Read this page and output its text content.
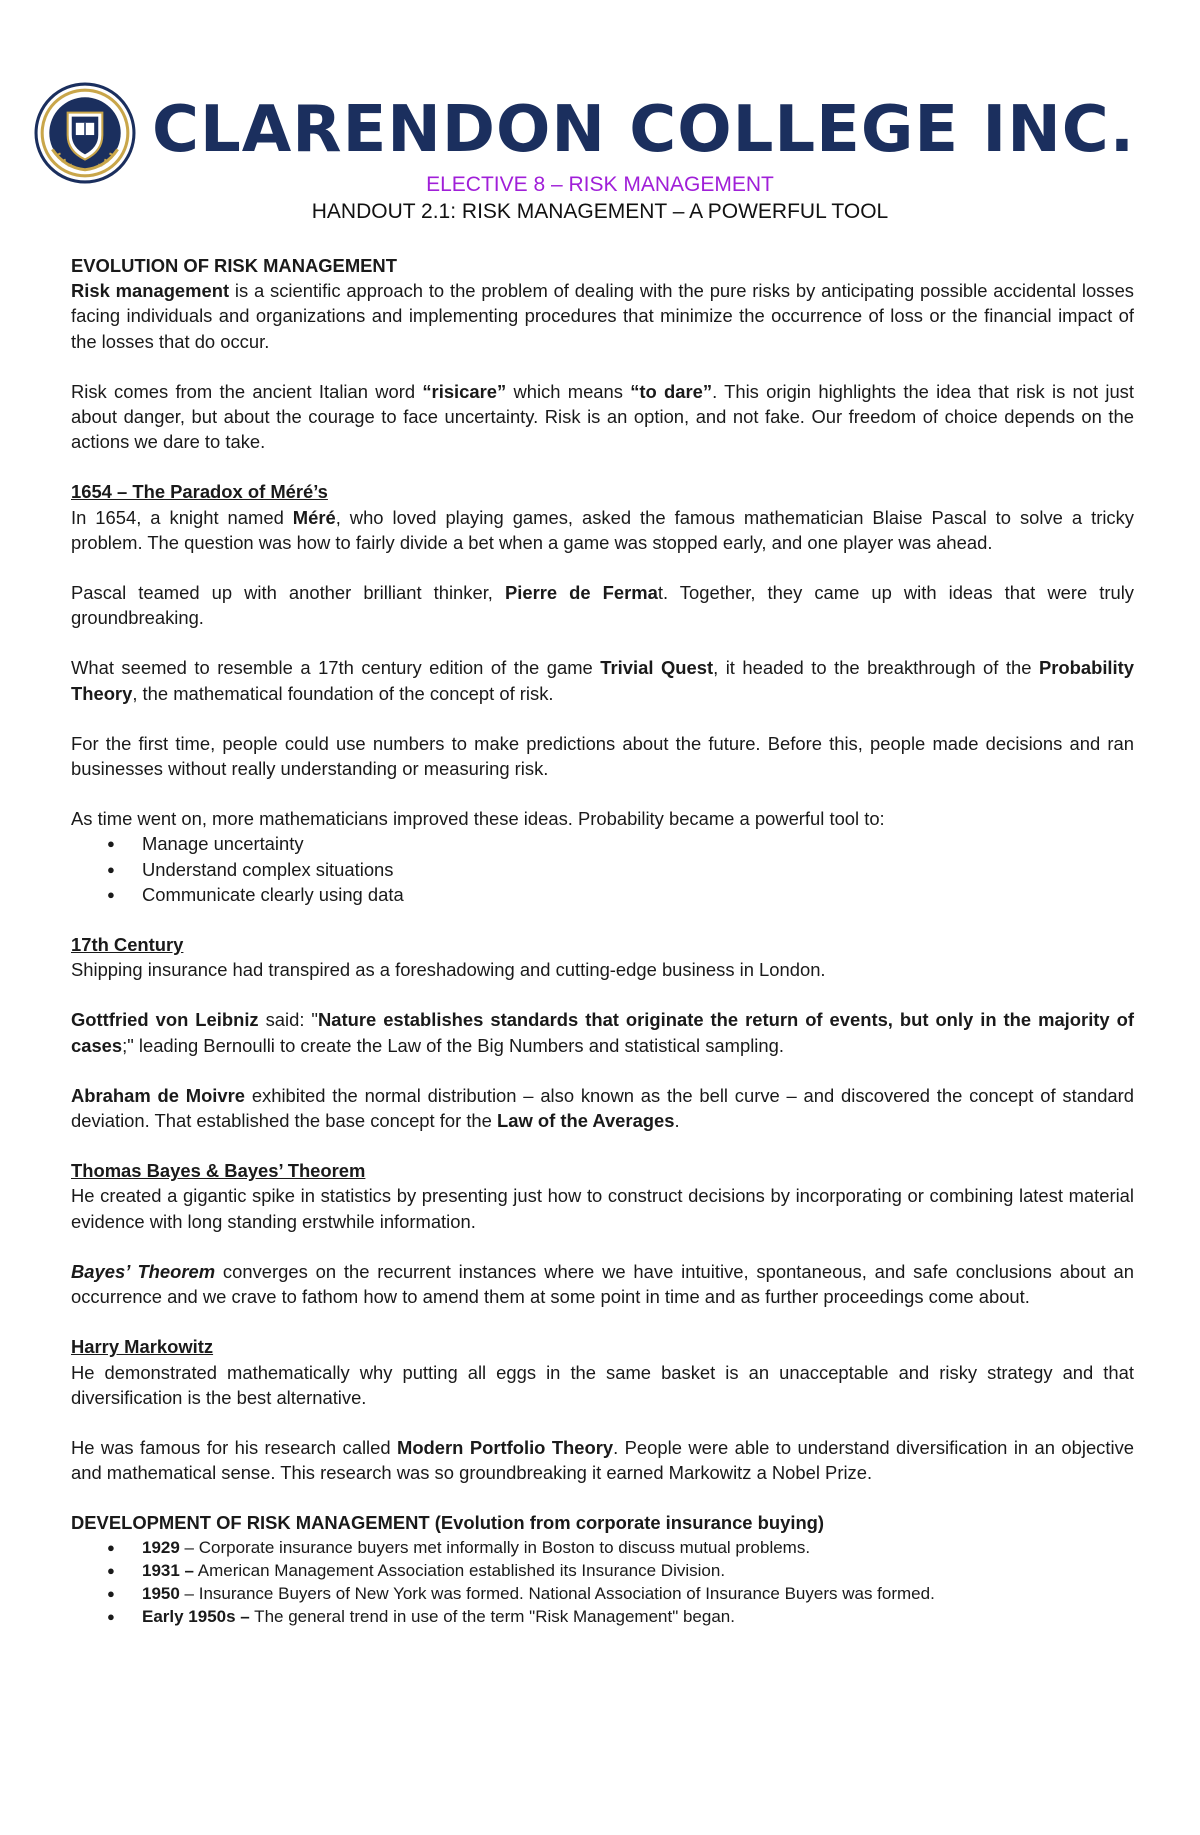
CLARENDON COLLEGE INC.

ELECTIVE 8 – RISK MANAGEMENT

HANDOUT 2.1: RISK MANAGEMENT – A POWERFUL TOOL

EVOLUTION OF RISK MANAGEMENT

Risk management is a scientific approach to the problem of dealing with the pure risks by anticipating possible accidental losses facing individuals and organizations and implementing procedures that minimize the occurrence of loss or the financial impact of the losses that do occur.

Risk comes from the ancient Italian word “risicare” which means “to dare”. This origin highlights the idea that risk is not just about danger, but about the courage to face uncertainty. Risk is an option, and not fake. Our freedom of choice depends on the actions we dare to take.

1654 – The Paradox of Méré’s

In 1654, a knight named Méré, who loved playing games, asked the famous mathematician Blaise Pascal to solve a tricky problem. The question was how to fairly divide a bet when a game was stopped early, and one player was ahead.

Pascal teamed up with another brilliant thinker, Pierre de Fermat. Together, they came up with ideas that were truly groundbreaking.

What seemed to resemble a 17th century edition of the game Trivial Quest, it headed to the breakthrough of the Probability Theory, the mathematical foundation of the concept of risk.

For the first time, people could use numbers to make predictions about the future. Before this, people made decisions and ran businesses without really understanding or measuring risk.

As time went on, more mathematicians improved these ideas. Probability became a powerful tool to:

● Manage uncertainty
● Understand complex situations
● Communicate clearly using data

17th Century

Shipping insurance had transpired as a foreshadowing and cutting-edge business in London.

Gottfried von Leibniz said: "Nature establishes standards that originate the return of events, but only in the majority of cases;" leading Bernoulli to create the Law of the Big Numbers and statistical sampling.

Abraham de Moivre exhibited the normal distribution – also known as the bell curve – and discovered the concept of standard deviation. That established the base concept for the Law of the Averages.

Thomas Bayes & Bayes’ Theorem

He created a gigantic spike in statistics by presenting just how to construct decisions by incorporating or combining latest material evidence with long standing erstwhile information.

Bayes’ Theorem converges on the recurrent instances where we have intuitive, spontaneous, and safe conclusions about an occurrence and we crave to fathom how to amend them at some point in time and as further proceedings come about.

Harry Markowitz

He demonstrated mathematically why putting all eggs in the same basket is an unacceptable and risky strategy and that diversification is the best alternative.

He was famous for his research called Modern Portfolio Theory. People were able to understand diversification in an objective and mathematical sense. This research was so groundbreaking it earned Markowitz a Nobel Prize.

DEVELOPMENT OF RISK MANAGEMENT (Evolution from corporate insurance buying)

● 1929 – Corporate insurance buyers met informally in Boston to discuss mutual problems.
● 1931 – American Management Association established its Insurance Division.
● 1950 – Insurance Buyers of New York was formed. National Association of Insurance Buyers was formed.
● Early 1950s – The general trend in use of the term "Risk Management" began.
